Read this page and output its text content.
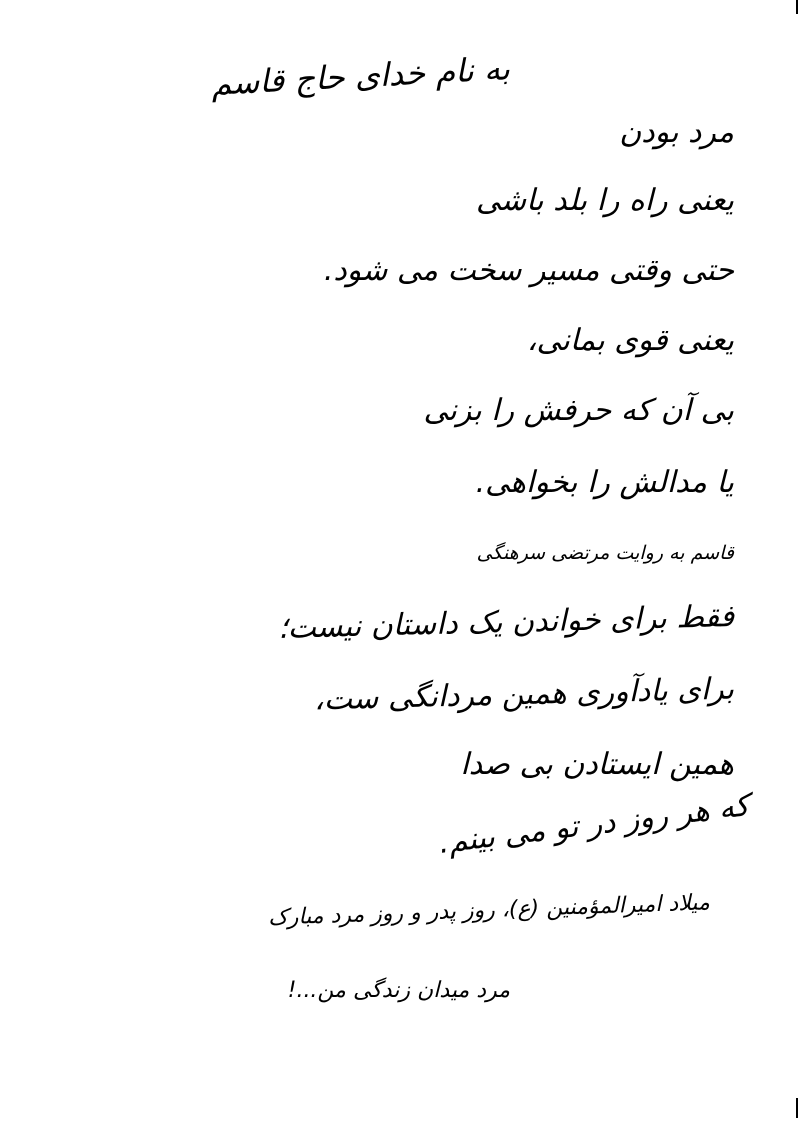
به نام خدای حاج قاسم
مرد بودن
یعنی راه را بلد باشی
حتی وقتی مسیر سخت می شود.
یعنی قوی بمانی،
بی آن که حرفش را بزنی
یا مدالش را بخواهی.
قاسم به روایت مرتضی سرهنگی
فقط برای خواندن یک داستان نیست؛
برای یادآوری همین مردانگی ست،
همین ایستادن بی صدا
که هر روز در تو می بینم.
میلاد امیرالمؤمنین (ع)، روز پدر و روز مرد مبارک
مرد میدان زندگی من...!
